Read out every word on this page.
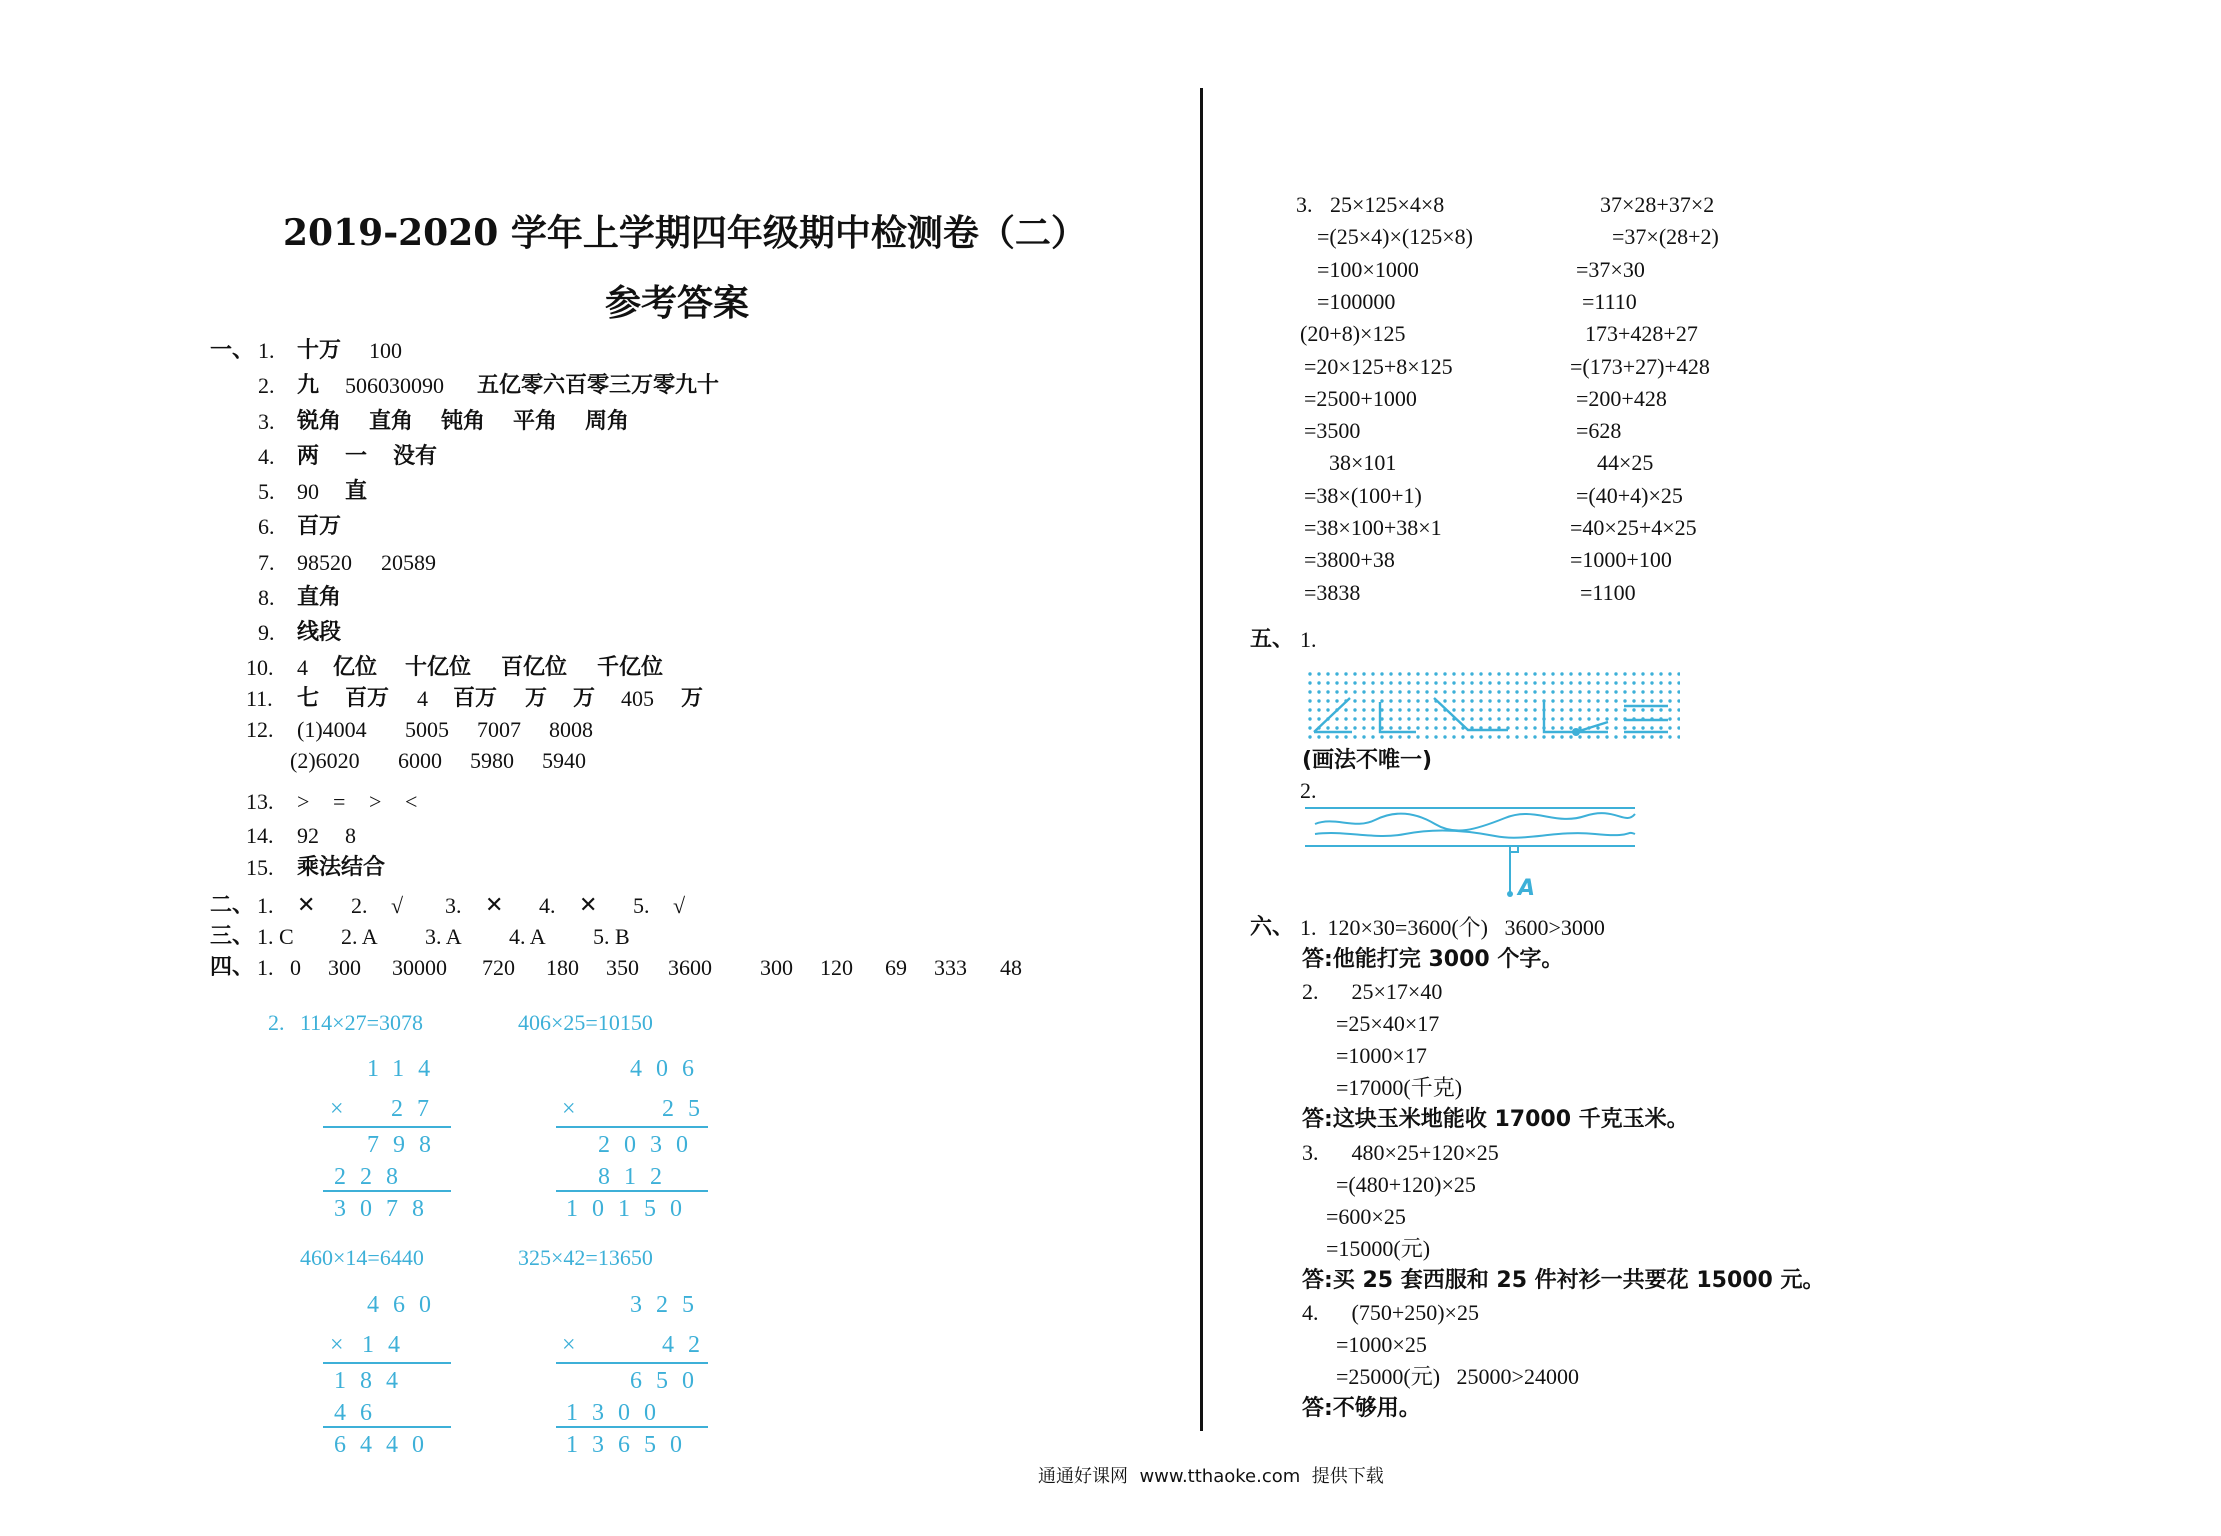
2019-2020 学年上学期四年级期中检测卷（二）
参考答案
一、 1. 十万 100
2. 九 506030090 五亿零六百零三万零九十
3. 锐角 直角 钝角 平角 周角
4. 两 一 没有
5. 90 直
6. 百万
7. 98520 20589
8. 直角
9. 线段
10. 4 亿位 十亿位 百亿位 千亿位
11. 七 百万 4 百万 万 万 405 万
12. (1)4004 5005 7007 8008
(2)6020 6000 5980 5940
13. > = > <
14. 92 8
15. 乘法结合
二、 1. ✕ 2. √ 3. ✕ 4. ✕ 5. √
三、 1. C 2. A 3. A 4. A 5. B
四、 1. 0 300 30000 720 180 350 3600 300 120 69 333 48
2. 114×27=3078	406×25=10150
460×14=6440	325×42=13650
114
× 27
798
228
3078
406
×	25
2030
812
10150
460
× 14
184
46
6440
325
×	42
650
1300
13650
3. 25×125×4×8
=(25×4)×(125×8)
=100×1000
=100000
(20+8)×125
=20×125+8×125
=2500+1000
=3500
38×101
=38×(100+1)
=38×100+38×1
=3800+38
=3838
37×28+37×2
=37×(28+2)
=37×30
=1110
173+428+27
=(173+27)+428
=200+428
=628
44×25
=(40+4)×25
=40×25+4×25
=1000+100
=1100
五、 1.
(画法不唯一)
2.
A
六、 1.  120×30=3600(个)   3600>3000
答:他能打完 3000 个字。
2.      25×17×40
=25×40×17
=1000×17
=17000(千克)
答:这块玉米地能收 17000 千克玉米。
3.      480×25+120×25
=(480+120)×25
=600×25
=15000(元)
答:买 25 套西服和 25 件衬衫一共要花 15000 元。
4.      (750+250)×25
=1000×25
=25000(元)   25000>24000
答:不够用。
通通好课网  www.tthaoke.com  提供下载
